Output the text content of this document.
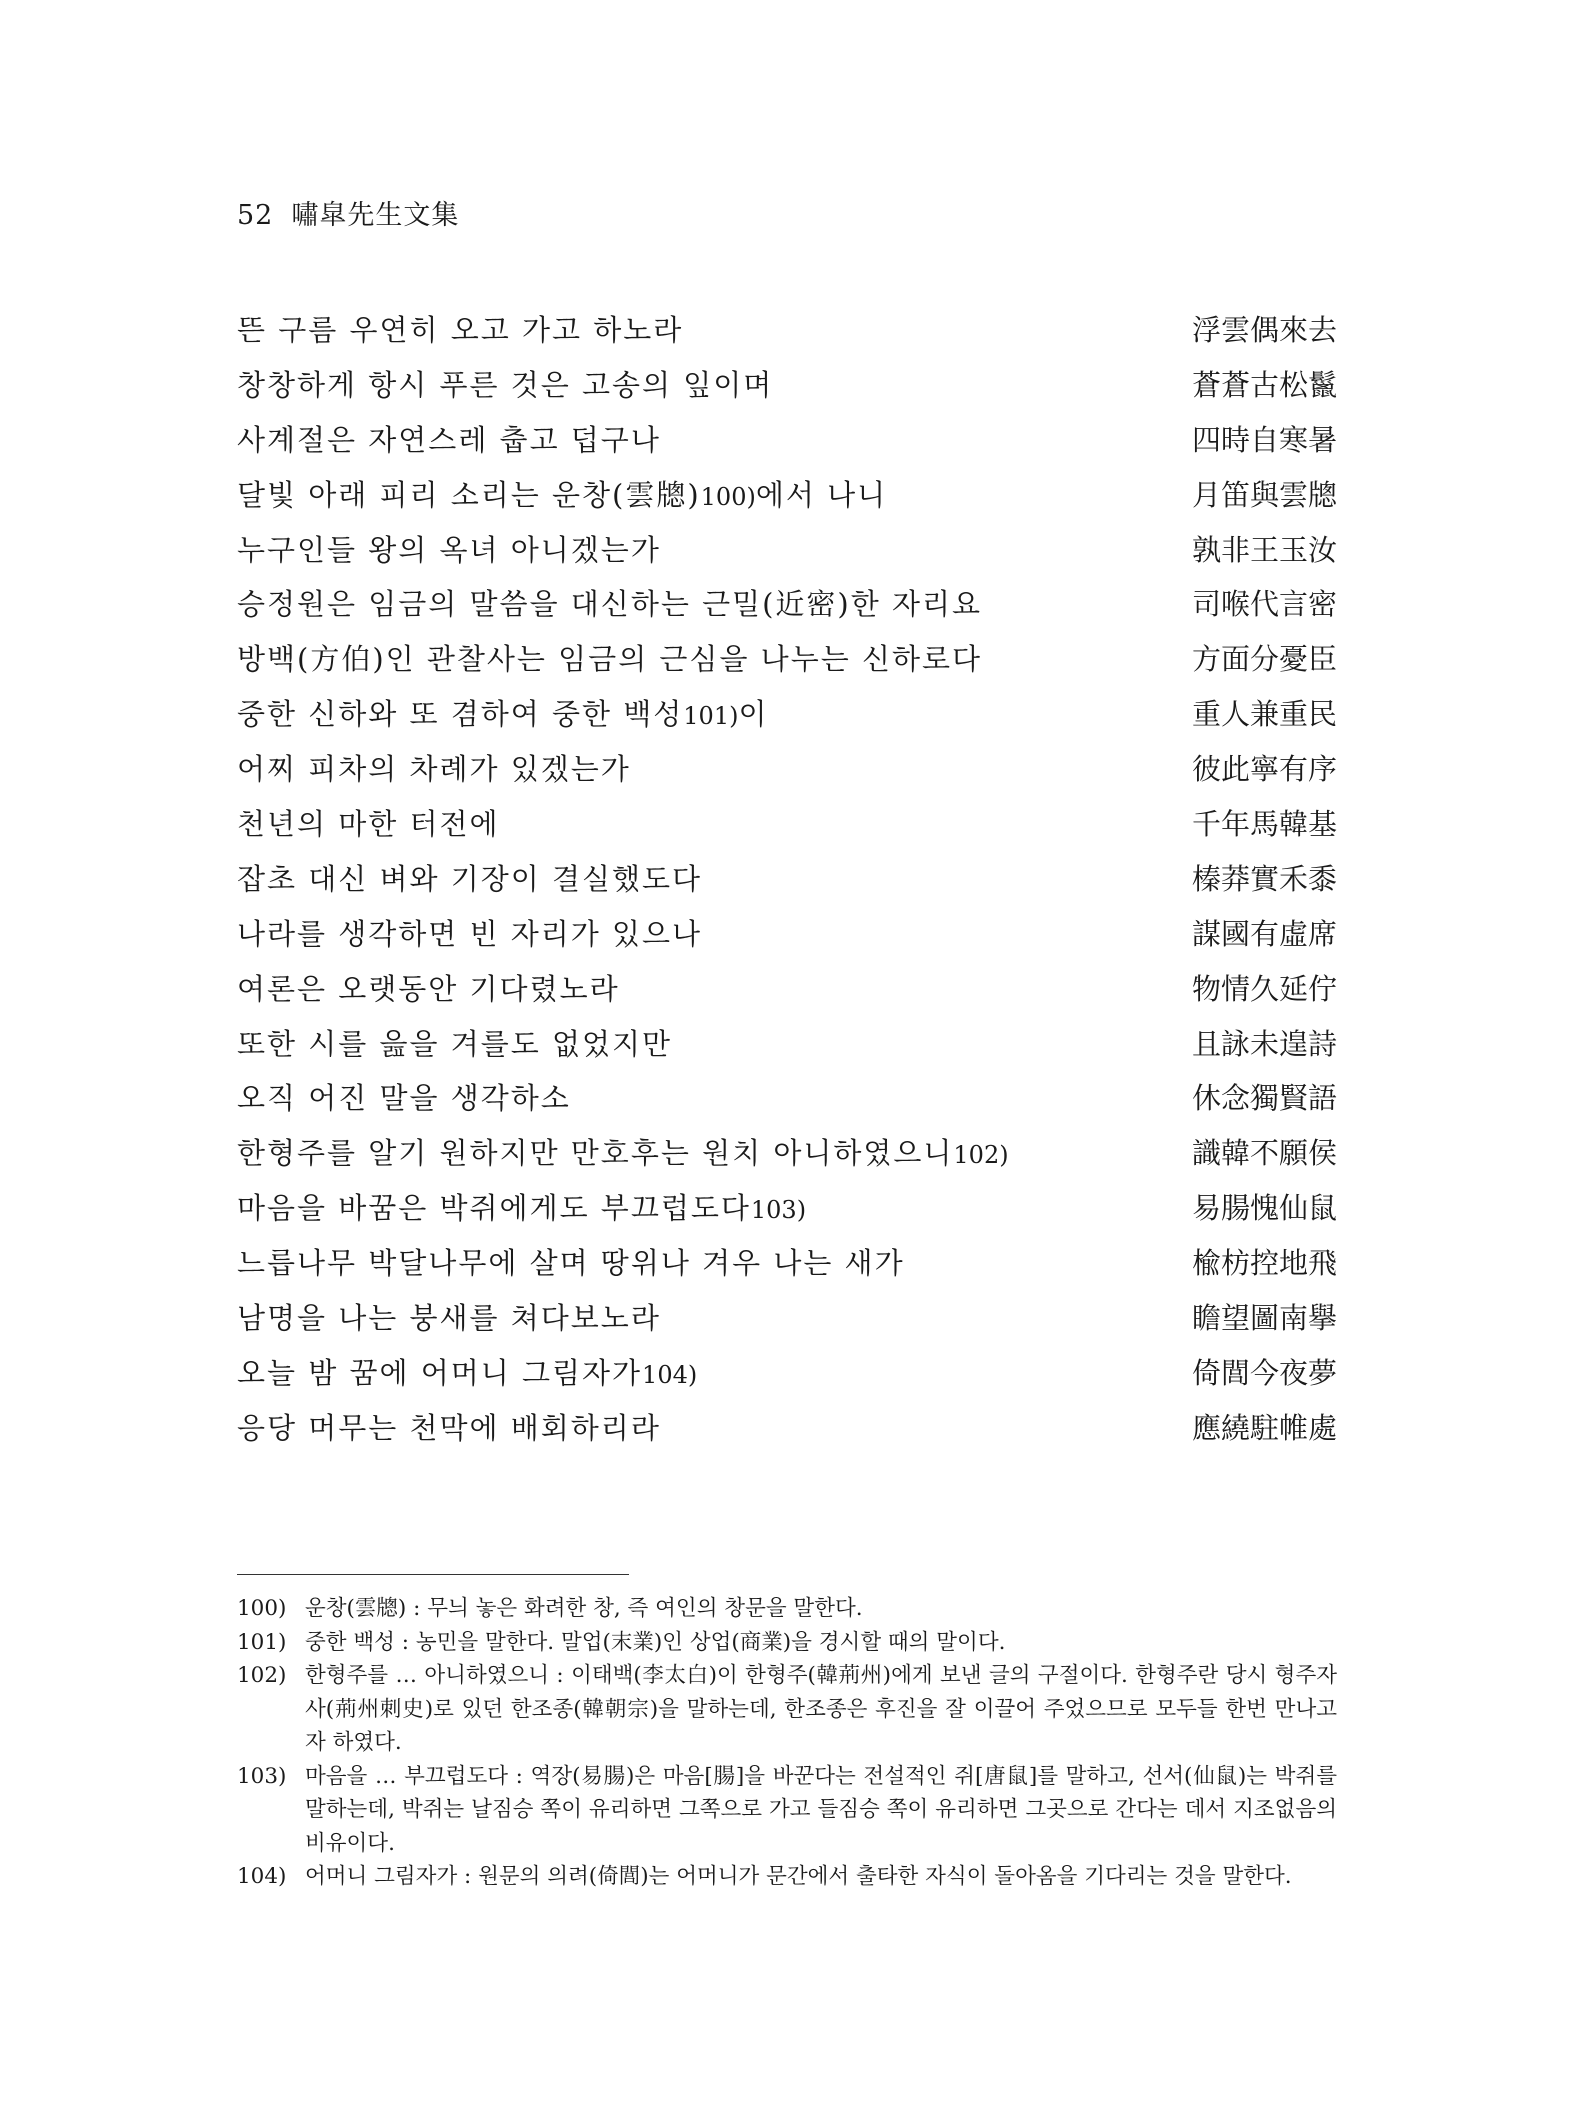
52 嘯皐先生文集
뜬 구름 우연히 오고 가고 하노라	浮雲偶來去
창창하게 항시 푸른 것은 고송의 잎이며	蒼蒼古松鬣
사계절은 자연스레 춥고 덥구나	四時自寒暑
달빛 아래 피리 소리는 운창(雲牕)100)에서 나니	月笛與雲牕
누구인들 왕의 옥녀 아니겠는가	孰非王玉汝
승정원은 임금의 말씀을 대신하는 근밀(近密)한 자리요	司喉代言密
방백(方伯)인 관찰사는 임금의 근심을 나누는 신하로다	方面分憂臣
중한 신하와 또 겸하여 중한 백성101)이	重人兼重民
어찌 피차의 차례가 있겠는가	彼此寧有序
천년의 마한 터전에	千年馬韓基
잡초 대신 벼와 기장이 결실했도다	榛莽實禾黍
나라를 생각하면 빈 자리가 있으나	謀國有虛席
여론은 오랫동안 기다렸노라	物情久延佇
또한 시를 읊을 겨를도 없었지만	且詠未遑詩
오직 어진 말을 생각하소	休念獨賢語
한형주를 알기 원하지만 만호후는 원치 아니하였으니102)	識韓不願侯
마음을 바꿈은 박쥐에게도 부끄럽도다103)	易腸愧仙鼠
느릅나무 박달나무에 살며 땅위나 겨우 나는 새가	楡枋控地飛
남명을 나는 붕새를 쳐다보노라	瞻望圖南擧
오늘 밤 꿈에 어머니 그림자가104)	倚閭今夜夢
응당 머무는 천막에 배회하리라	應繞駐帷處
100) 운창(雲牕) : 무늬 놓은 화려한 창, 즉 여인의 창문을 말한다.
101) 중한 백성 : 농민을 말한다. 말업(末業)인 상업(商業)을 경시할 때의 말이다.
102) 한형주를 … 아니하였으니 : 이태백(李太白)이 한형주(韓荊州)에게 보낸 글의 구절이다. 한형주란 당시 형주자사(荊州刺史)로 있던 한조종(韓朝宗)을 말하는데, 한조종은 후진을 잘 이끌어 주었으므로 모두들 한번 만나고자 하였다.
103) 마음을 … 부끄럽도다 : 역장(易腸)은 마음[腸]을 바꾼다는 전설적인 쥐[唐鼠]를 말하고, 선서(仙鼠)는 박쥐를 말하는데, 박쥐는 날짐승 쪽이 유리하면 그쪽으로 가고 들짐승 쪽이 유리하면 그곳으로 간다는 데서 지조없음의 비유이다.
104) 어머니 그림자가 : 원문의 의려(倚閭)는 어머니가 문간에서 출타한 자식이 돌아옴을 기다리는 것을 말한다.
